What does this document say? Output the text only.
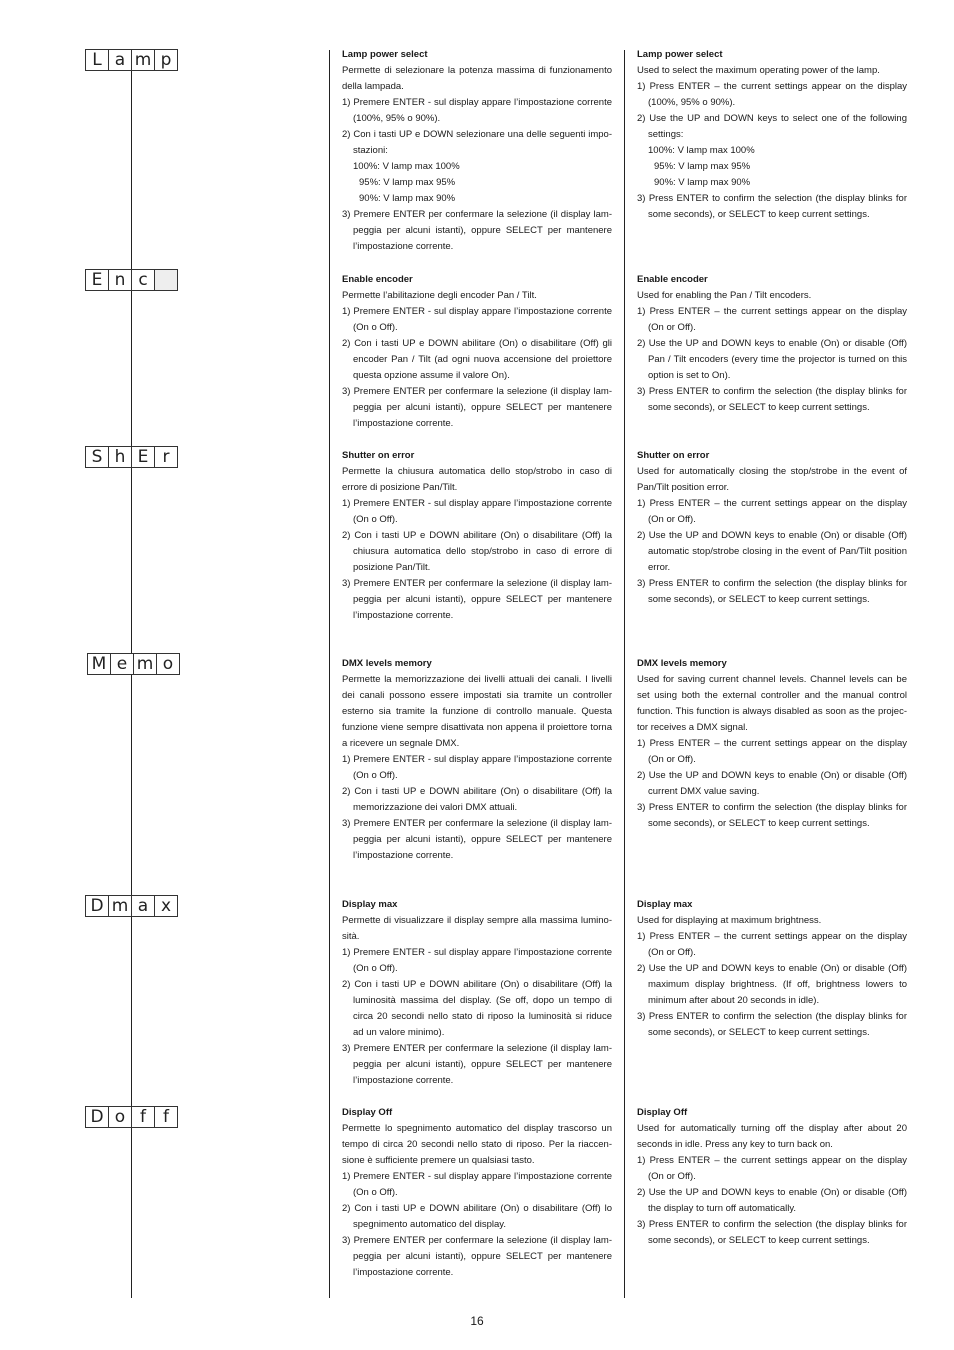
L a m p
E n c
S h E r
M e m o
D m a x
D o f	f
Lamp power select
Permette di selezionare la potenza massima di funzionamento della lampada.
1) Premere ENTER - sul display appare l’impostazione corrente (100%, 95% o 90%).
2) Con i tasti UP e DOWN selezionare una delle seguenti impostazioni:
100%: V lamp max 100%
95%: V lamp max 95%
90%: V lamp max 90%
3) Premere ENTER per confermare la selezione (il display lampeggia per alcuni istanti), oppure SELECT per mantenere l’impostazione corrente.
Enable encoder
Permette l’abilitazione degli encoder Pan / Tilt.
1) Premere ENTER - sul display appare l’impostazione corrente (On o Off).
2) Con i tasti UP e DOWN abilitare (On) o disabilitare (Off) gli encoder Pan / Tilt (ad ogni nuova accensione del proiettore questa opzione assume il valore On).
3) Premere ENTER per confermare la selezione (il display lampeggia per alcuni istanti), oppure SELECT per mantenere l’impostazione corrente.
Shutter on error
Permette la chiusura automatica dello stop/strobo in caso di errore di posizione Pan/Tilt.
1) Premere ENTER - sul display appare l’impostazione corrente (On o Off).
2) Con i tasti UP e DOWN abilitare (On) o disabilitare (Off) la chiusura automatica dello stop/strobo in caso di errore di posizione Pan/Tilt.
3) Premere ENTER per confermare la selezione (il display lampeggia per alcuni istanti), oppure SELECT per mantenere l’impostazione corrente.
DMX levels memory
Permette la memorizzazione dei livelli attuali dei canali. I livelli dei canali possono essere impostati sia tramite un controller esterno sia tramite la funzione di controllo manuale. Questa funzione viene sempre disattivata non appena il proiettore torna a ricevere un segnale DMX.
1) Premere ENTER - sul display appare l’impostazione corrente (On o Off).
2) Con i tasti UP e DOWN abilitare (On) o disabilitare (Off) la memorizzazione dei valori DMX attuali.
3) Premere ENTER per confermare la selezione (il display lampeggia per alcuni istanti), oppure SELECT per mantenere l’impostazione corrente.
Display max
Permette di visualizzare il display sempre alla massima luminosità.
1) Premere ENTER - sul display appare l’impostazione corrente (On o Off).
2) Con i tasti UP e DOWN abilitare (On) o disabilitare (Off) la luminosità massima del display. (Se off, dopo un tempo di circa 20 secondi nello stato di riposo la luminosità si riduce ad un valore minimo).
3) Premere ENTER per confermare la selezione (il display lampeggia per alcuni istanti), oppure SELECT per mantenere l’impostazione corrente.
Display Off
Permette lo spegnimento automatico del display trascorso un tempo di circa 20 secondi nello stato di riposo. Per la riaccensione è sufficiente premere un qualsiasi tasto.
1) Premere ENTER - sul display appare l’impostazione corrente (On o Off).
2) Con i tasti UP e DOWN abilitare (On) o disabilitare (Off) lo spegnimento automatico del display.
3) Premere ENTER per confermare la selezione (il display lampeggia per alcuni istanti), oppure SELECT per mantenere l’impostazione corrente.
Lamp power select
Used to select the maximum operating power of the lamp.
1) Press ENTER – the current settings appear on the display (100%, 95% o 90%).
2) Use the UP and DOWN keys to select one of the following settings:
100%: V lamp max 100%
95%: V lamp max 95%
90%: V lamp max 90%
3) Press ENTER to confirm the selection (the display blinks for some seconds), or SELECT to keep current settings.
Enable encoder
Used for enabling the Pan / Tilt encoders.
1) Press ENTER – the current settings appear on the display (On or Off).
2) Use the UP and DOWN keys to enable (On) or disable (Off) Pan / Tilt encoders (every time the projector is turned on this option is set to On).
3) Press ENTER to confirm the selection (the display blinks for some seconds), or SELECT to keep current settings.
Shutter on error
Used for automatically closing the stop/strobe in the event of Pan/Tilt position error.
1) Press ENTER – the current settings appear on the display (On or Off).
2) Use the UP and DOWN keys to enable (On) or disable (Off) automatic stop/strobe closing in the event of Pan/Tilt position error.
3) Press ENTER to confirm the selection (the display blinks for some seconds), or SELECT to keep current settings.
DMX levels memory
Used for saving current channel levels. Channel levels can be set using both the external controller and the manual control function. This function is always disabled as soon as the projector receives a DMX signal.
1) Press ENTER – the current settings appear on the display (On or Off).
2) Use the UP and DOWN keys to enable (On) or disable (Off) current DMX value saving.
3) Press ENTER to confirm the selection (the display blinks for some seconds), or SELECT to keep current settings.
Display max
Used for displaying at maximum brightness.
1) Press ENTER – the current settings appear on the display (On or Off).
2) Use the UP and DOWN keys to enable (On) or disable (Off) maximum display brightness. (If off, brightness lowers to minimum after about 20 seconds in idle).
3) Press ENTER to confirm the selection (the display blinks for some seconds), or SELECT to keep current settings.
Display Off
Used for automatically turning off the display after about 20 seconds in idle. Press any key to turn back on.
1) Press ENTER – the current settings appear on the display (On or Off).
2) Use the UP and DOWN keys to enable (On) or disable (Off) the display to turn off automatically.
3) Press ENTER to confirm the selection (the display blinks for some seconds), or SELECT to keep current settings.
16
